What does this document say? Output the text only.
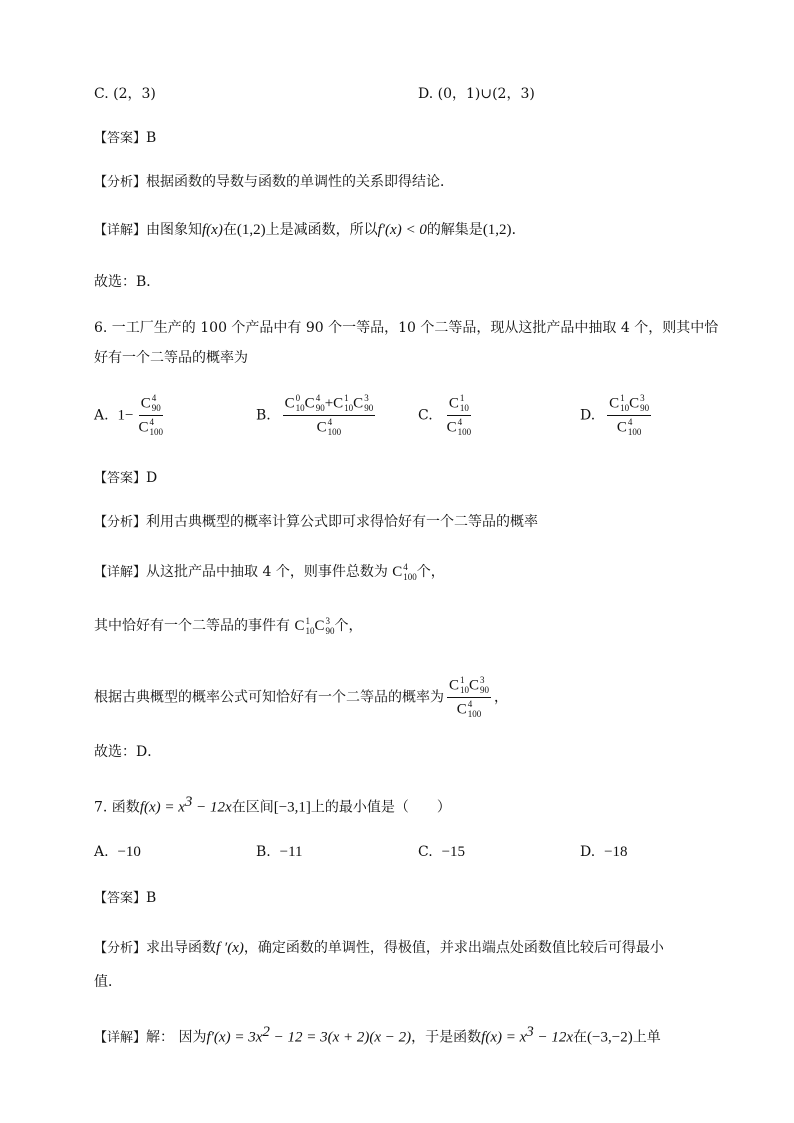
C. (2，3)	D. (0，1)∪(2，3)
【答案】B
【分析】根据函数的导数与函数的单调性的关系即得结论．
【详解】由图象知f(x)在(1,2)上是减函数，所以f′(x) < 0的解集是(1,2)．
故选：B．
6. 一工厂生产的 100 个产品中有 90 个一等品，10 个二等品，现从这批产品中抽取 4 个，则其中恰
好有一个二等品的概率为
A. 1− C 4
90
C 4
100	B. C 0
10 C 4
90 +C 1
10 C 3
90
C 4
100	C. C 1
10
C 4
100	D. C 1
10 C 3
90
C 4
100
【答案】D
【分析】利用古典概型的概率计算公式即可求得恰好有一个二等品的概率
【详解】从这批产品中抽取 4 个，则事件总数为 C 4
100 个，
其中恰好有一个二等品的事件有 C 1
10 C 3
90 个，
根据古典概型的概率公式可知恰好有一个二等品的概率为 C 1
10 C 3
90
C 4
100 ，
故选：D．
7. 函数$f(x) = x^3 - 12x$在区间[−3,1]上的最小值是（　　）
A. −10	B. −11	C. −15	D. −18
【答案】B
【分析】求出导函数f ′(x)，确定函数的单调性，得极值，并求出端点处函数值比较后可得最小
值．
【详解】解： 因为$f'(x) = 3x^2 - 12 = 3(x + 2)(x - 2)$，于是函数$f(x) = x^3 - 12x$在(−3,−2)上单
